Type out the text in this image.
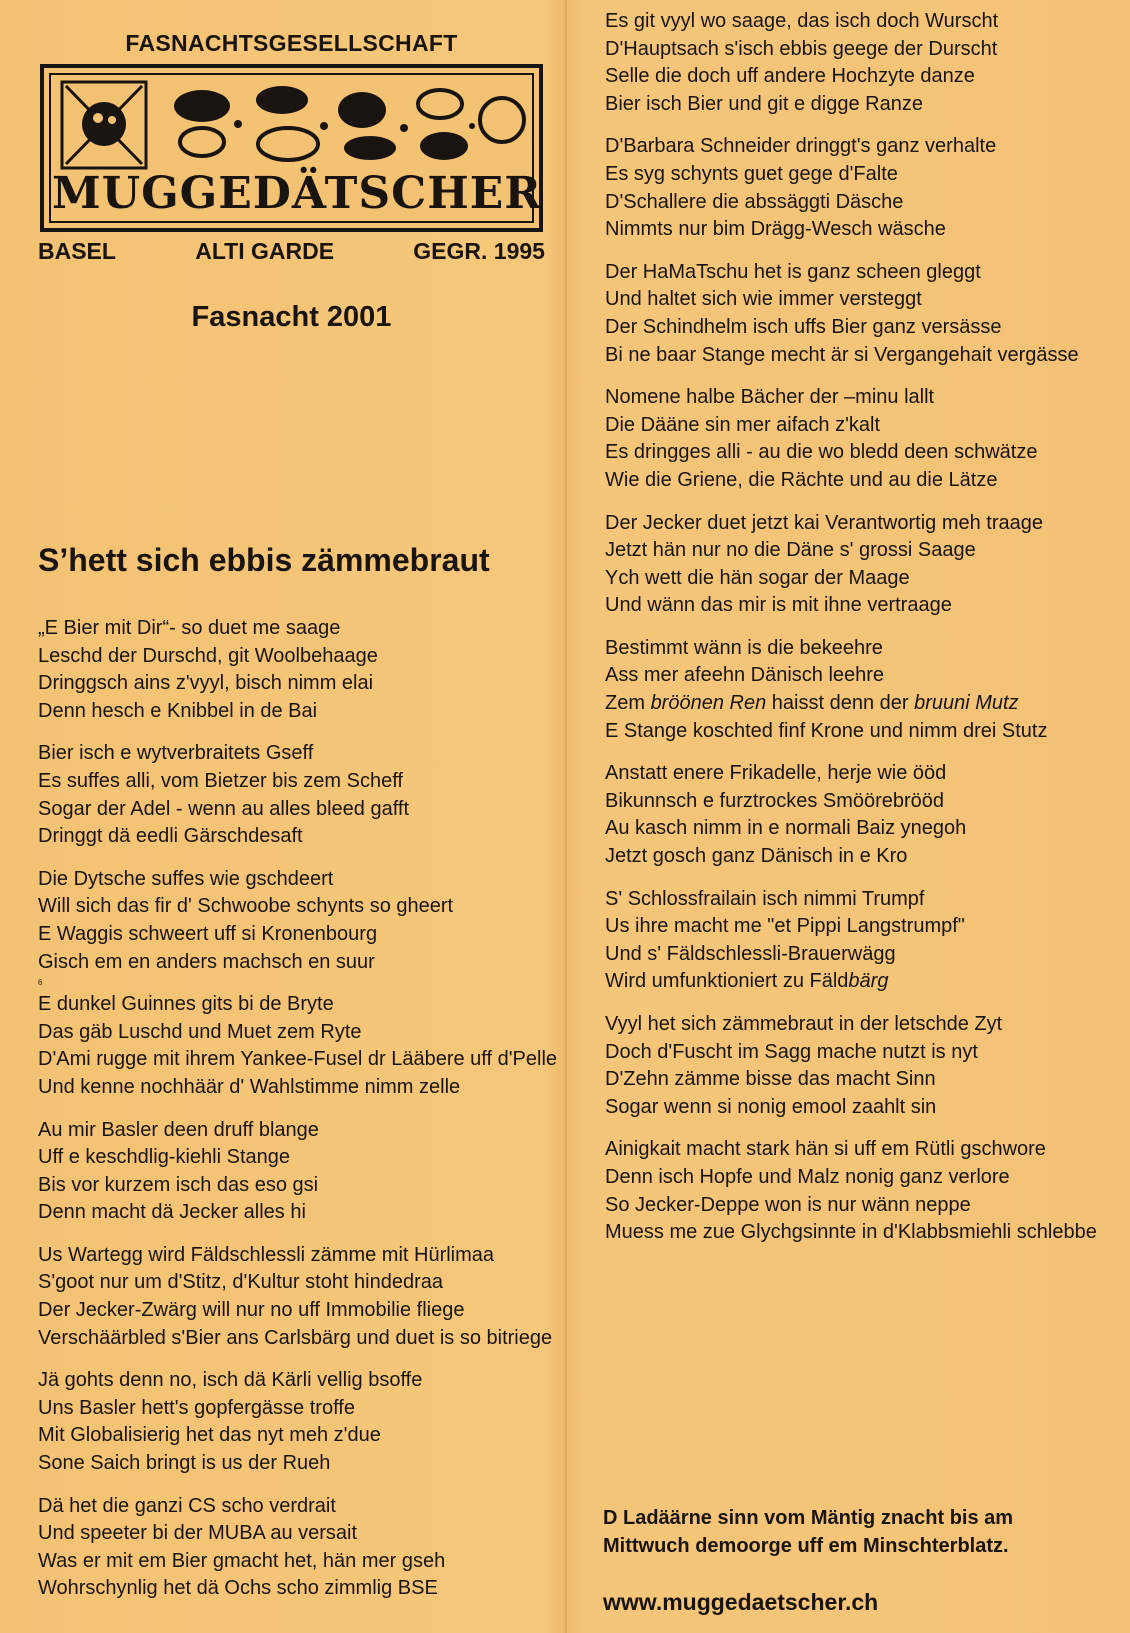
FASNACHTSGESELLSCHAFT
MUGGEDÄTSCHER
BASEL	ALTI GARDE	GEGR. 1995
Fasnacht 2001
S’hett sich ebbis zämmebraut
„E Bier mit Dir“- so duet me saage
Leschd der Durschd, git Woolbehaage
Dringgsch ains z'vyyl, bisch nimm elai
Denn hesch e Knibbel in de Bai
Bier isch e wytverbraitets Gseff
Es suffes alli, vom Bietzer bis zem Scheff
Sogar der Adel - wenn au alles bleed gafft
Dringgt dä eedli Gärschdesaft
Die Dytsche suffes wie gschdeert
Will sich das fir d' Schwoobe schynts so gheert
E Waggis schweert uff si Kronenbourg
Gisch em en anders machsch en suur
E dunkel Guinnes gits bi de Bryte
Das gäb Luschd und Muet zem Ryte
D'Ami rugge mit ihrem Yankee-Fusel dr Lääbere uff d'Pelle
Und kenne nochhäär d' Wahlstimme nimm zelle
Au mir Basler deen druff blange
Uff e keschdlig-kiehli Stange
Bis vor kurzem isch das eso gsi
Denn macht dä Jecker alles hi
Us Wartegg wird Fäldschlessli zämme mit Hürlimaa
S'goot nur um d'Stitz, d'Kultur stoht hindedraa
Der Jecker-Zwärg will nur no uff Immobilie fliege
Verschäärbled s'Bier ans Carlsbärg und duet is so bitriege
Jä gohts denn no, isch dä Kärli vellig bsoffe
Uns Basler hett's gopfergässe troffe
Mit Globalisierig het das nyt meh z'due
Sone Saich bringt is us der Rueh
Dä het die ganzi CS scho verdrait
Und speeter bi der MUBA au versait
Was er mit em Bier gmacht het, hän mer gseh
Wohrschynlig het dä Ochs scho zimmlig BSE
6
Es git vyyl wo saage, das isch doch Wurscht
D'Hauptsach s'isch ebbis geege der Durscht
Selle die doch uff andere Hochzyte danze
Bier isch Bier und git e digge Ranze
D'Barbara Schneider dringgt's ganz verhalte
Es syg schynts guet gege d'Falte
D'Schallere die abssäggti Däsche
Nimmts nur bim Drägg-Wesch wäsche
Der HaMaTschu het is ganz scheen gleggt
Und haltet sich wie immer versteggt
Der Schindhelm isch uffs Bier ganz versässe
Bi ne baar Stange mecht är si Vergangehait vergässe
Nomene halbe Bächer der –minu lallt
Die Dääne sin mer aifach z'kalt
Es dringges alli - au die wo bledd deen schwätze
Wie die Griene, die Rächte und au die Lätze
Der Jecker duet jetzt kai Verantwortig meh traage
Jetzt hän nur no die Däne s' grossi Saage
Ych wett die hän sogar der Maage
Und wänn das mir is mit ihne vertraage
Bestimmt wänn is die bekeehre
Ass mer afeehn Dänisch leehre
Zem bröönen Ren haisst denn der bruuni Mutz
E Stange koschted finf Krone und nimm drei Stutz
Anstatt enere Frikadelle, herje wie ööd
Bikunnsch e furztrockes Smöörebrööd
Au kasch nimm in e normali Baiz ynegoh
Jetzt gosch ganz Dänisch in e Kro
S' Schlossfrailain isch nimmi Trumpf
Us ihre macht me "et Pippi Langstrumpf"
Und s' Fäldschlessli-Brauerwägg
Wird umfunktioniert zu Fäldbärg
Vyyl het sich zämmebraut in der letschde Zyt
Doch d'Fuscht im Sagg mache nutzt is nyt
D'Zehn zämme bisse das macht Sinn
Sogar wenn si nonig emool zaahlt sin
Ainigkait macht stark hän si uff em Rütli gschwore
Denn isch Hopfe und Malz nonig ganz verlore
So Jecker-Deppe won is nur wänn neppe
Muess me zue Glychgsinnte in d'Klabbsmiehli schlebbe
D Ladäärne sinn vom Mäntig znacht bis am
Mittwuch demoorge uff em Minschterblatz.
www.muggedaetscher.ch
